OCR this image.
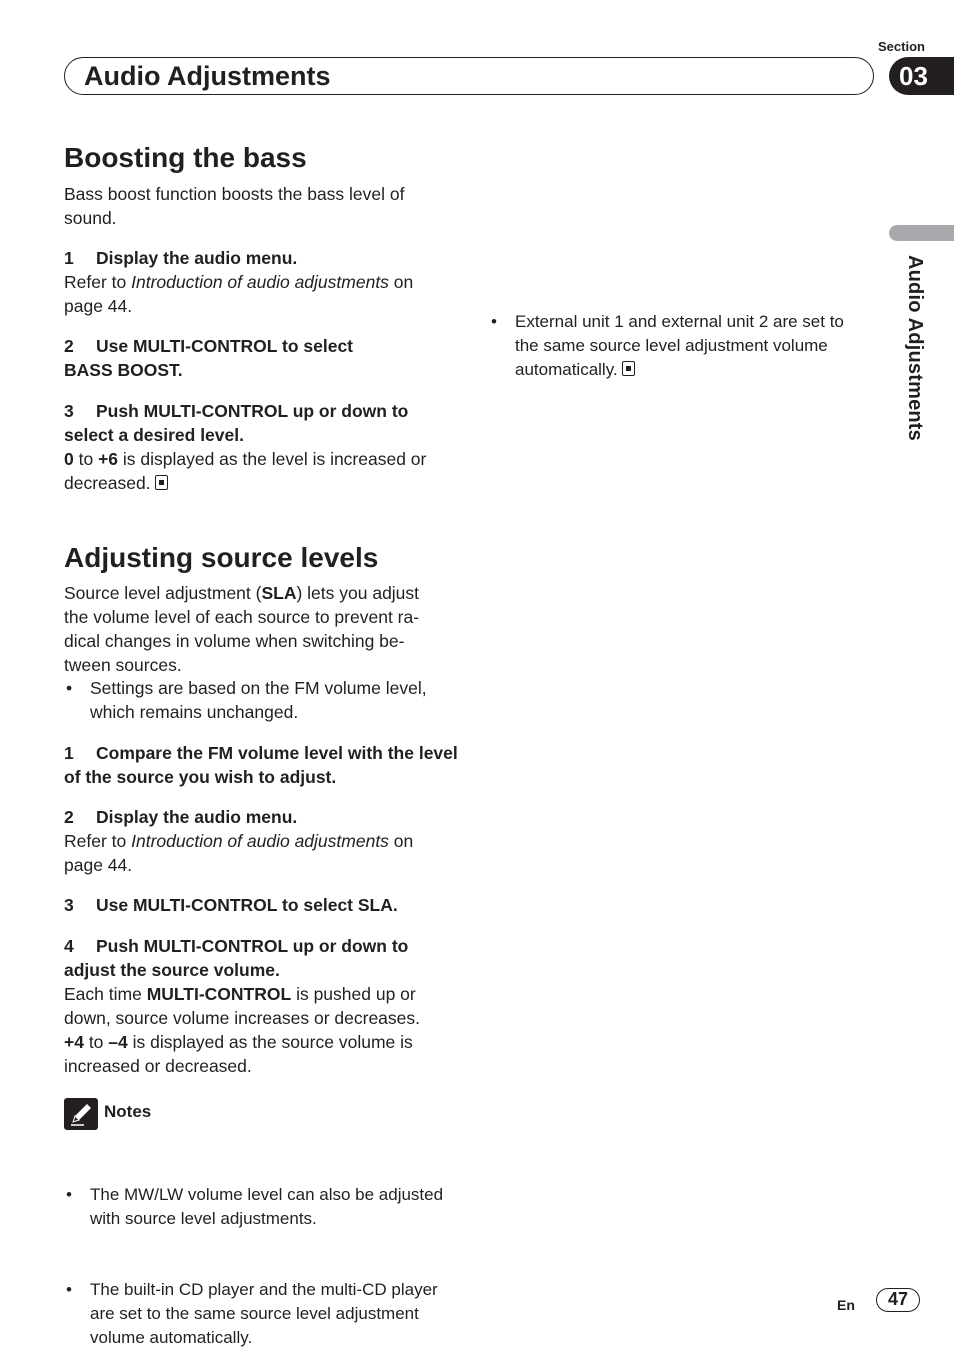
Section
Audio Adjustments	03
Audio Adjustments
Boosting the bass
Bass boost function boosts the bass level of sound.
1 Display the audio menu.
Refer to Introduction of audio adjustments on page 44.
2 Use MULTI-CONTROL to select
BASS BOOST.
3 Push MULTI-CONTROL up or down to select a desired level.
0 to +6 is displayed as the level is increased or decreased.
Adjusting source levels
Source level adjustment (SLA) lets you adjust the volume level of each source to prevent ra-dical changes in volume when switching be-tween sources.
• Settings are based on the FM volume level, which remains unchanged.
1 Compare the FM volume level with the level of the source you wish to adjust.
2 Display the audio menu.
Refer to Introduction of audio adjustments on page 44.
3 Use MULTI-CONTROL to select SLA.
4 Push MULTI-CONTROL up or down to adjust the source volume.
Each time MULTI-CONTROL is pushed up or down, source volume increases or decreases.
+4 to –4 is displayed as the source volume is increased or decreased.
Notes
• The MW/LW volume level can also be adjusted with source level adjustments.
• The built-in CD player and the multi-CD player are set to the same source level adjustment volume automatically.
• External unit 1 and external unit 2 are set to the same source level adjustment volume automatically.
En	47
